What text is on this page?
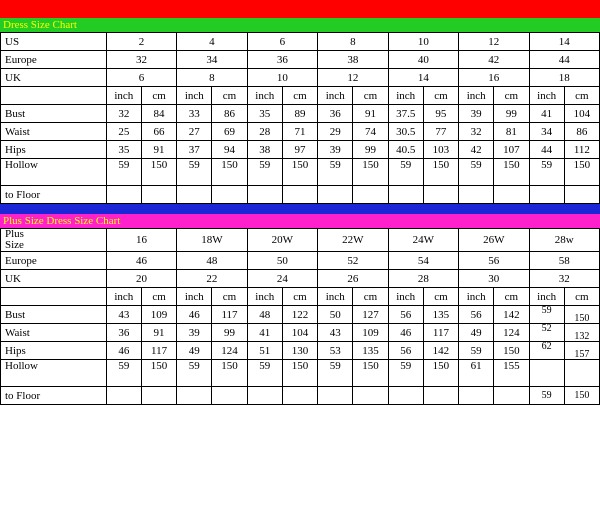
Dress Size Chart
US	2		4		6		8		10		12		14	
Europe	32		34		36		38		40		42		44	
UK	6		8		10		12		14		16		18	
	inch	cm	inch	cm	inch	cm	inch	cm	inch	cm	inch	cm	inch	cm
Bust	32	84	33	86	35	89	36	91	37.5	95	39	99	41	104
Waist	25	66	27	69	28	71	29	74	30.5	77	32	81	34	86
Hips	35	91	37	94	38	97	39	99	40.5	103	42	107	44	112
Hollow	59	150	59	150	59	150	59	150	59	150	59	150	59	150
to Floor														
Plus Size Dress Size Chart
Plus
Size	16		18W		20W		22W		24W		26W		28w	

Europe	46		48		50		52		54		56		58	
UK	20		22		24		26		28		30		32	
	inch	cm	inch	cm	inch	cm	inch	cm	inch	cm	inch	cm	inch	cm
Bust	43	109	46	117	48	122	50	127	56	135	56	142	59	150
Waist	36	91	39	99	41	104	43	109	46	117	49	124	52	132
Hips	46	117	49	124	51	130	53	135	56	142	59	150	62	157
Hollow	59	150	59	150	59	150	59	150	59	150	61	155		
to Floor													59	150
